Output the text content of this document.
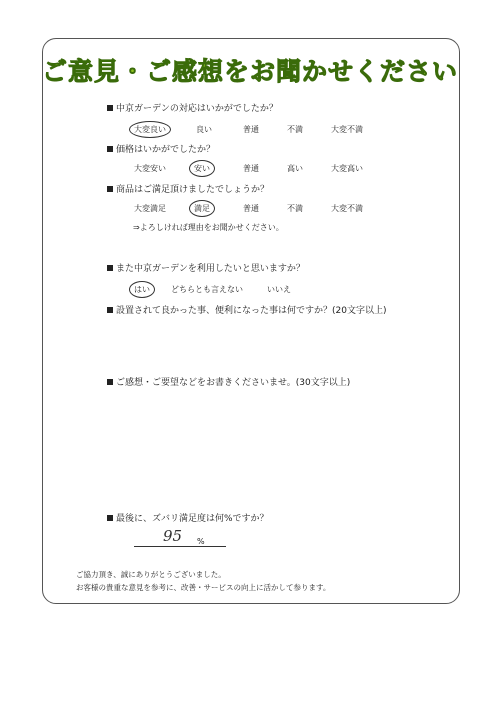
ご意見・ご感想をお聞かせください
中京ガーデンの対応はいかがでしたか？
大変良い	良い	普通	不満	大変不満
価格はいかがでしたか？
大変安い	安い	普通	高い	大変高い
商品はご満足頂けましたでしょうか？
大変満足	満足	普通	不満	大変不満
⇒よろしければ理由をお聞かせください。
また中京ガーデンを利用したいと思いますか？
はい	どちらとも言えない	いいえ
設置されて良かった事、便利になった事は何ですか？(20文字以上)
ご感想・ご要望などをお書きくださいませ。(30文字以上)
最後に、ズバリ満足度は何%ですか？
95 %
ご協力頂き、誠にありがとうございました。
お客様の貴重な意見を参考に、改善・サービスの向上に活かして参ります。
